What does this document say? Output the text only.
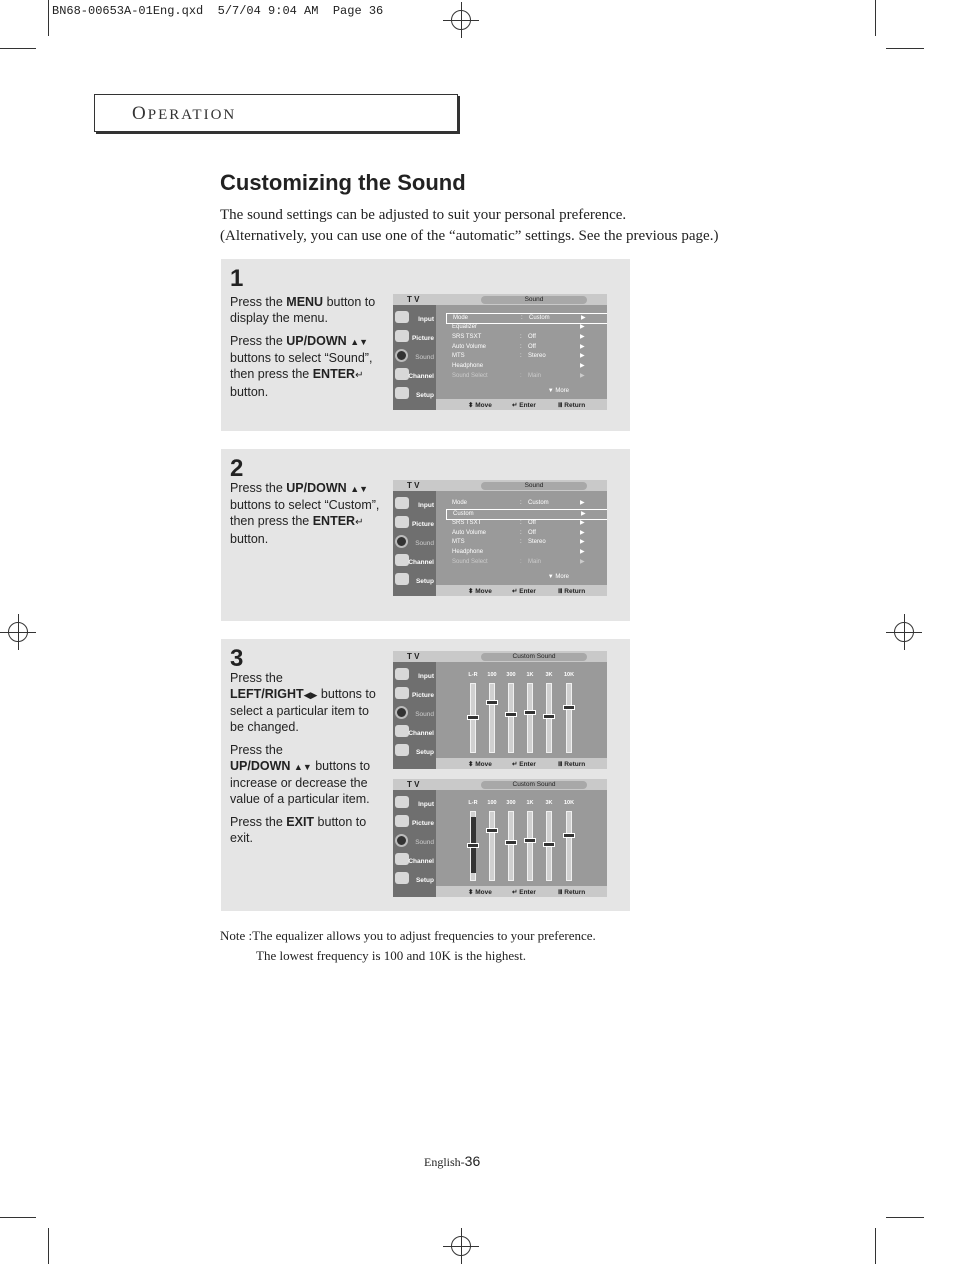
BN68-00653A-01Eng.qxd  5/7/04 9:04 AM  Page 36
OPERATION
Customizing the Sound
The sound settings can be adjusted to suit your personal preference.
(Alternatively, you can use one of the “automatic” settings. See the previous page.)
1

Press the MENU button to display the menu.

Press the UP/DOWN ▲▼ buttons to select “Sound”, then press the ENTER↵ button.

T V	Sound
Input
Picture
Sound
Channel
Setup
Mode	: Custom	▶
Equalizer	▶
SRS TSXT	: Off	▶
Auto Volume	: Off	▶
MTS	: Stereo	▶
Headphone	▶
Sound Select	: Main	▶
▼ More
⬍ Move	↵ Enter	Ⅲ Return
2

Press the UP/DOWN ▲▼ buttons to select “Custom”, then press the ENTER↵ button.

T V	Sound
Input
Picture
Sound
Channel
Setup
Mode	: Custom	▶
Custom	▶
SRS TSXT	: Off	▶
Auto Volume	: Off	▶
MTS	: Stereo	▶
Headphone	▶
Sound Select	: Main	▶
▼ More
⬍ Move	↵ Enter	Ⅲ Return
3

Press the
LEFT/RIGHT◀▶ buttons to select a particular item to be changed.

Press the
UP/DOWN ▲▼ buttons to increase or decrease the value of a particular item.

Press the EXIT button to exit.

T V	Custom Sound
Input
Picture
Sound
Channel
Setup
⬍ Move	↵ Enter	Ⅲ Return
L-R	100	300	1K	3K	10K
T V	Custom Sound
Input
Picture
Sound
Channel
Setup
⬍ Move	↵ Enter	Ⅲ Return
L-R	100	300	1K	3K	10K
Note :The equalizer allows you to adjust frequencies to your preference.
The lowest frequency is 100 and 10K is the highest.
English-36
